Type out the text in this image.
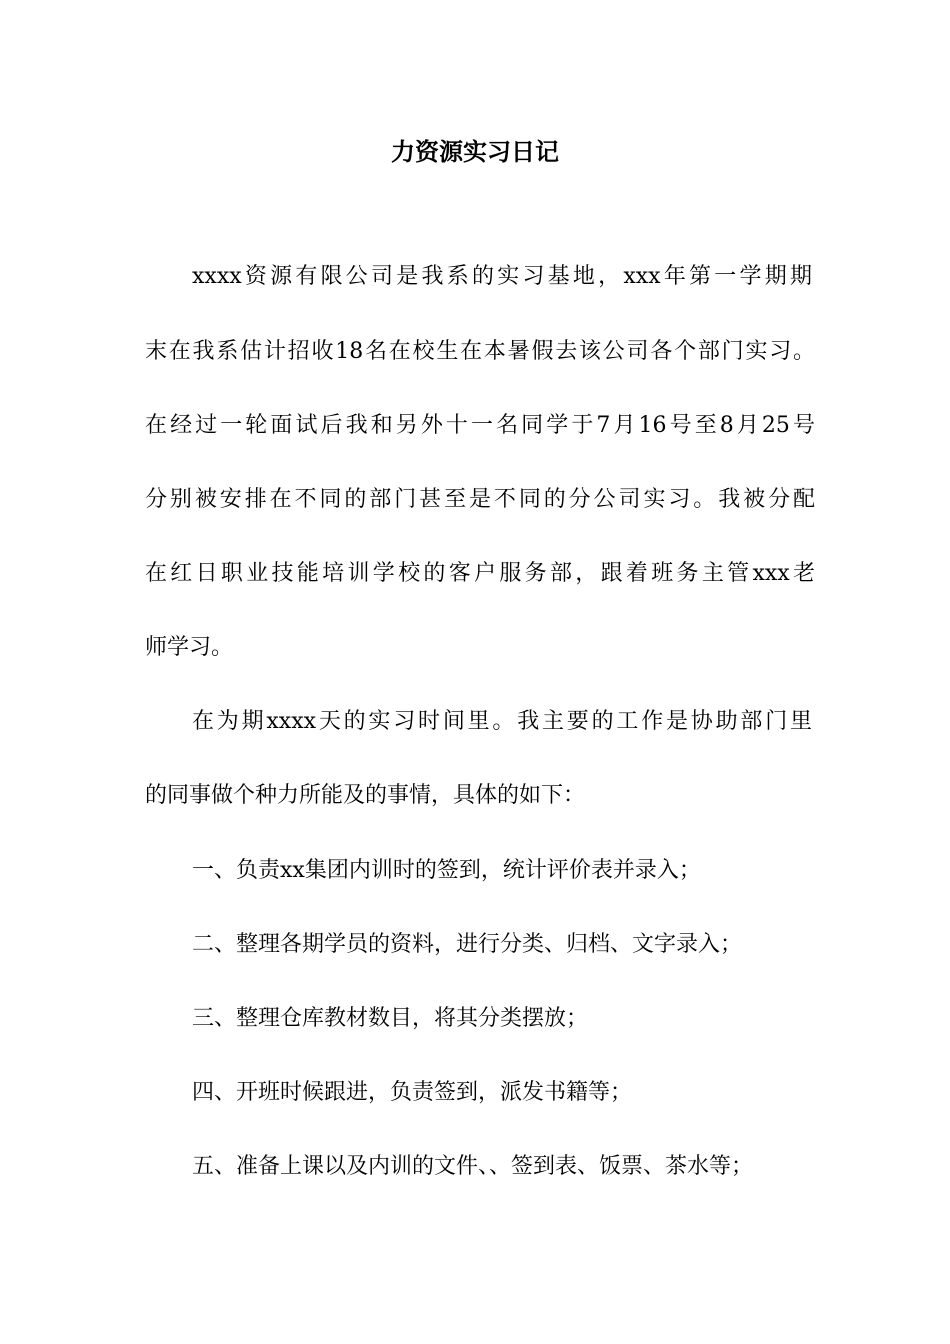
力资源实习日记

xxxx资源有限公司是我系的实习基地，xxx年第一学期期

末在我系估计招收18名在校生在本暑假去该公司各个部门实习。

在经过一轮面试后我和另外十一名同学于7月16号至8月25号

分别被安排在不同的部门甚至是不同的分公司实习。我被分配

在红日职业技能培训学校的客户服务部，跟着班务主管xxx老

师学习。

在为期xxxx天的实习时间里。我主要的工作是协助部门里

的同事做个种力所能及的事情，具体的如下：

一、负责xx集团内训时的签到，统计评价表并录入；

二、整理各期学员的资料，进行分类、归档、文字录入；

三、整理仓库教材数目，将其分类摆放；

四、开班时候跟进，负责签到，派发书籍等；

五、准备上课以及内训的文件、、签到表、饭票、茶水等；
